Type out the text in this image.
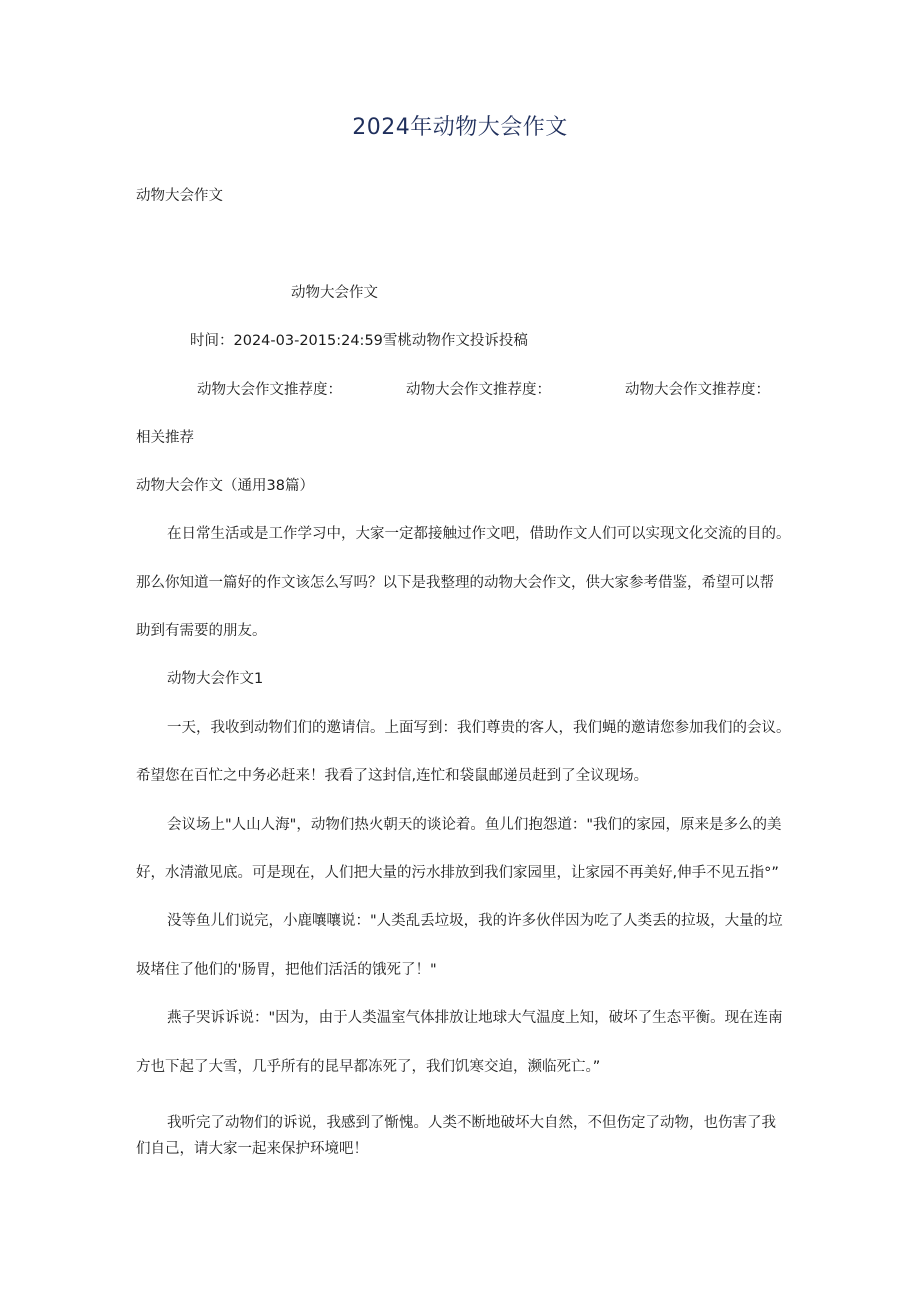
2024年动物大会作文
动物大会作文
动物大会作文
时间：2024-03-2015:24:59雪桃动物作文投诉投稿
动物大会作文推荐度：	动物大会作文推荐度：	动物大会作文推荐度：
相关推荐
动物大会作文（通用38篇）
在日常生活或是工作学习中，大家一定都接触过作文吧，借助作文人们可以实现文化交流的目的。
那么你知道一篇好的作文该怎么写吗？以下是我整理的动物大会作文，供大家参考借鉴，希望可以帮
助到有需要的朋友。
动物大会作文1
一天，我收到动物们们的邀请信。上面写到：我们尊贵的客人，我们蝇的邀请您参加我们的会议。
希望您在百忙之中务必赶来！我看了这封信,连忙和袋鼠邮递员赶到了全议现场。
会议场上"人山人海"，动物们热火朝天的谈论着。鱼儿们抱怨道："我们的家园，原来是多么的美
好，水清澈见底。可是现在，人们把大量的污水排放到我们家园里，让家园不再美好,伸手不见五指°”
没等鱼儿们说完，小鹿嚷嚷说："人类乱丢垃圾，我的许多伙伴因为吃了人类丢的拉圾，大量的垃
圾堵住了他们的'肠胃，把他们活活的饿死了！"
燕子哭诉诉说："因为，由于人类温室气体排放让地球大气温度上知，破坏了生态平衡。现在连南
方也下起了大雪，几乎所有的昆早都冻死了，我们饥寒交迫，濒临死亡。”
我听完了动物们的诉说，我感到了惭愧。人类不断地破坏大自然，不但伤定了动物，也伤害了我
们自己，请大家一起来保护环境吧！
